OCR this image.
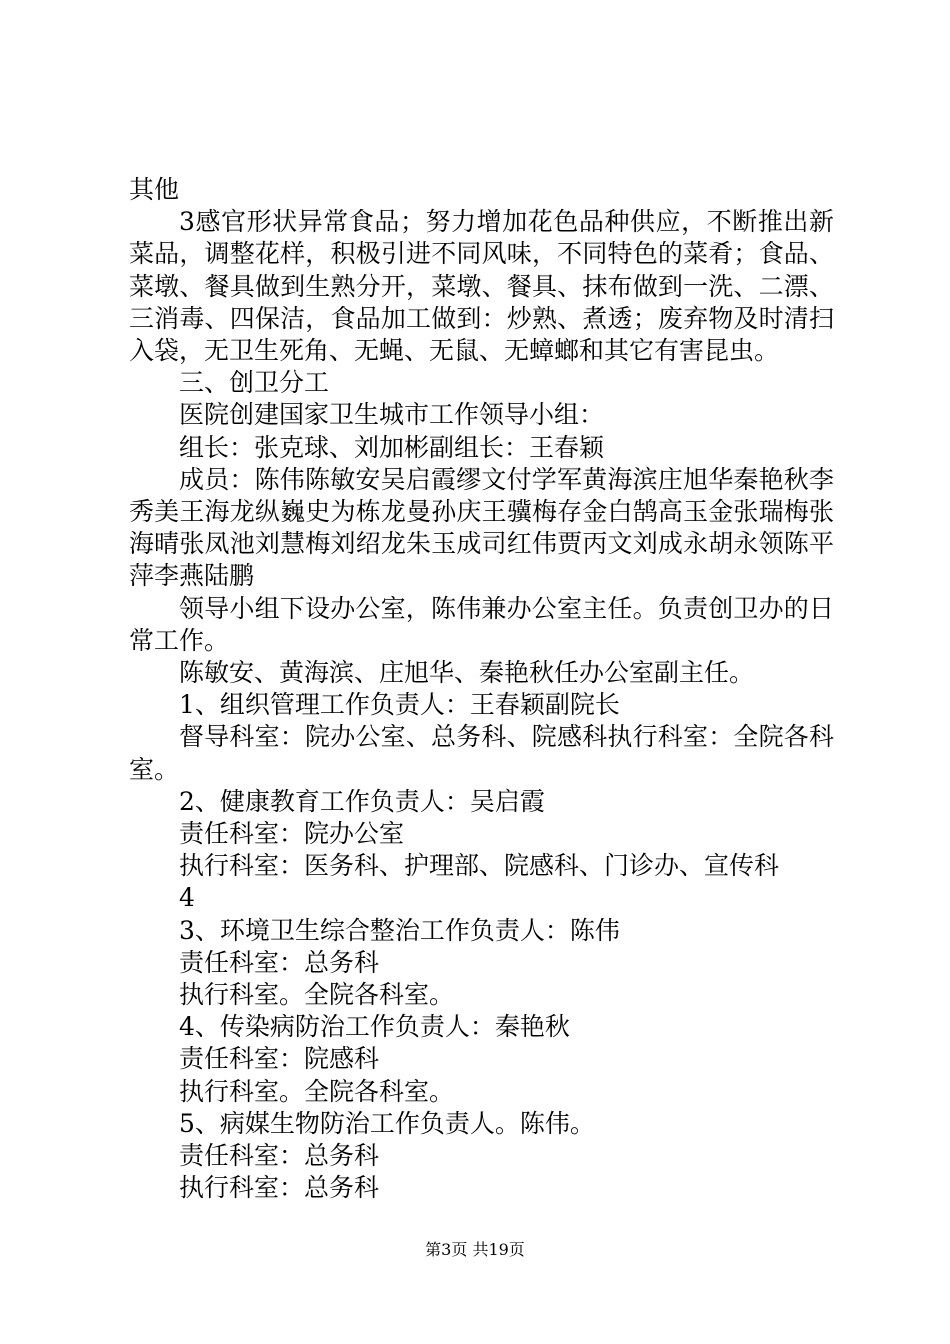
其他

3感官形状异常食品；努力增加花色品种供应，不断推出新菜品，调整花样，积极引进不同风味，不同特色的菜肴；食品、菜墩、餐具做到生熟分开，菜墩、餐具、抹布做到一洗、二漂、三消毒、四保洁，食品加工做到：炒熟、煮透；废弃物及时清扫入袋，无卫生死角、无蝇、无鼠、无蟑螂和其它有害昆虫。

三、创卫分工

医院创建国家卫生城市工作领导小组：

组长：张克球、刘加彬副组长：王春颖

成员：陈伟陈敏安吴启霞缪文付学军黄海滨庄旭华秦艳秋李秀美王海龙纵巍史为栋龙曼孙庆王骥梅存金白鹄高玉金张瑞梅张海晴张凤池刘慧梅刘绍龙朱玉成司红伟贾丙文刘成永胡永领陈平萍李燕陆鹏

领导小组下设办公室，陈伟兼办公室主任。负责创卫办的日常工作。

陈敏安、黄海滨、庄旭华、秦艳秋任办公室副主任。

1、组织管理工作负责人：王春颖副院长

督导科室：院办公室、总务科、院感科执行科室：全院各科室。

2、健康教育工作负责人：吴启霞

责任科室：院办公室

执行科室：医务科、护理部、院感科、门诊办、宣传科

4

3、环境卫生综合整治工作负责人：陈伟

责任科室：总务科

执行科室。全院各科室。

4、传染病防治工作负责人：秦艳秋

责任科室：院感科

执行科室。全院各科室。

5、病媒生物防治工作负责人。陈伟。

责任科室：总务科

执行科室：总务科

第3页 共19页
